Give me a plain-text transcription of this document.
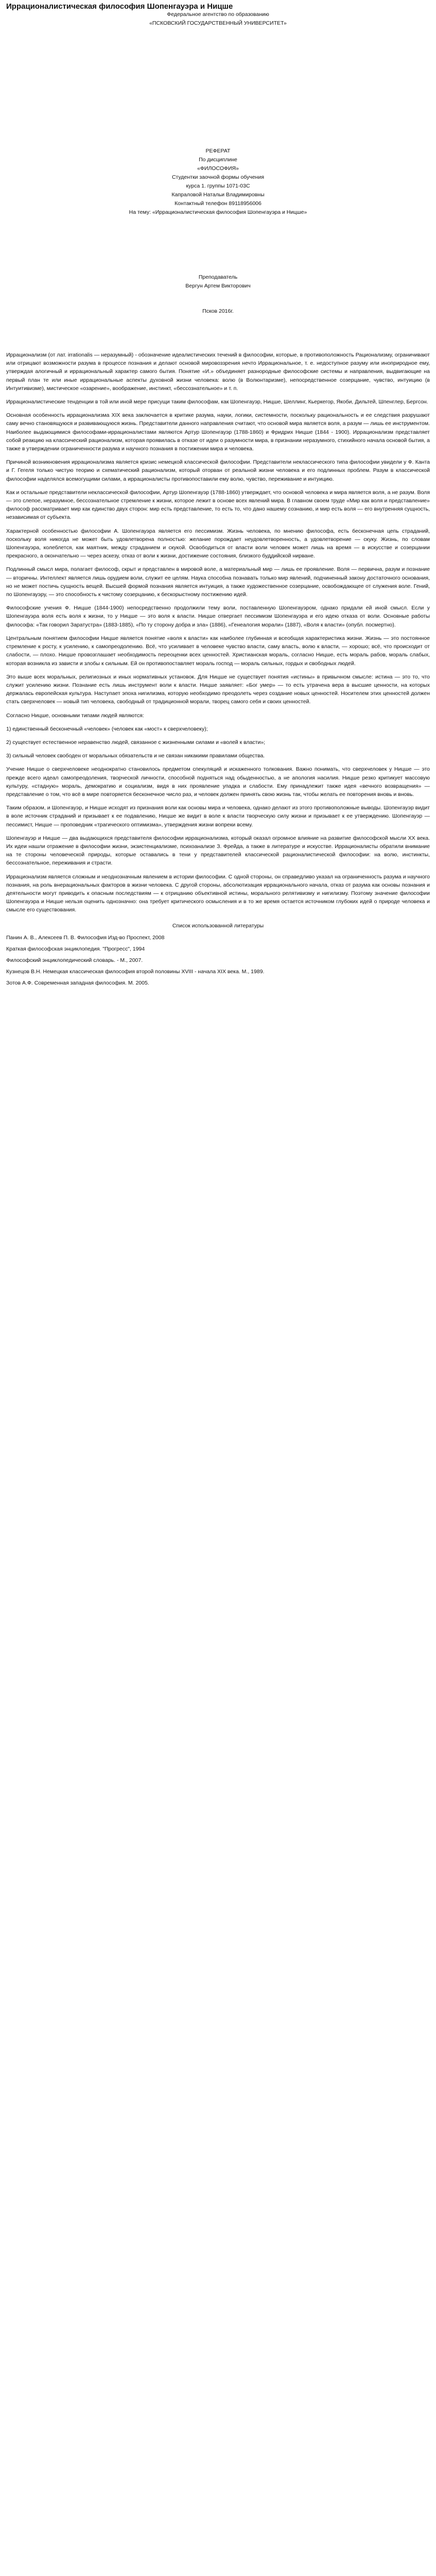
Иррационалистическая философия Шопенгауэра и Ницше
Федеральное агентство по образованию
«ПСКОВСКИЙ ГОСУДАРСТВЕННЫЙ УНИВЕРСИТЕТ»
РЕФЕРАТ
По дисциплине
«ФИЛОСОФИЯ»
Студентки заочной формы обучения
курса 1. группы 1071-03С
Капраловой Натальи Владимировны
Контактный телефон 89118956006
На тему: «Иррационалистическая философия Шопенгауэра и Ницше»
Преподаватель
Вергун Артем Викторович

Псков 2016г.

Иррационализм (от лат. irrationalis — неразумный) - обозначение идеалистических течений в философии, которые, в противоположность Рационализму, ограничивают или отрицают возможности разума в процессе познания и делают основой мировоззрения нечто Иррациональное, т. е. недоступное разуму или иноприродное ему, утверждая алогичный и иррациональный характер самого бытия. Понятие «И.» объединяет разнородные философские системы и направления, выдвигающие на первый план те или иные иррациональные аспекты духовной жизни человека: волю (в Волюнтаризме), непосредственное созерцание, чувство, интуицию (в Интуитивизме), мистическое «озарение», воображение, инстинкт, «бессознательное» и т. п.

Иррационалистические тенденции в той или иной мере присущи таким философам, как Шопенгауэр, Ницше, Шеллинг, Кьеркегор, Якоби, Дильтей, Шпенглер, Бергсон.

Основная особенность иррационализма XIX века заключается в критике разума, науки, логики, системности, поскольку рациональность и ее следствия разрушают саму вечно становящуюся и развивающуюся жизнь. Представители данного направления считают, что основой мира является воля, а разум — лишь ее инструментом. Наиболее выдающимися философами-иррационалистами являются Артур Шопенгауэр (1788-1860) и Фридрих Ницше (1844 - 1900). Иррационализм представляет собой реакцию на классический рационализм, которая проявилась в отказе от идеи о разумности мира, в признании неразумного, стихийного начала основой бытия, а также в утверждении ограниченности разума и научного познания в постижении мира и человека.

Причиной возникновения иррационализма является кризис немецкой классической философии. Представители неклассического типа философии увидели у Ф. Канта и Г. Гегеля только чистую теорию и схематический рационализм, который оторван от реальной жизни человека и его подлинных проблем. Разум в классической философии наделялся всемогущими силами, а иррационалисты противопоставили ему волю, чувство, переживание и интуицию.

Как и остальные представители неклассической философии, Артур Шопенгауэр (1788-1860) утверждает, что основой человека и мира является воля, а не разум. Воля — это слепое, неразумное, бессознательное стремление к жизни, которое лежит в основе всех явлений мира. В главном своем труде «Мир как воля и представление» философ рассматривает мир как единство двух сторон: мир есть представление, то есть то, что дано нашему сознанию, и мир есть воля — его внутренняя сущность, независимая от субъекта.

Характерной особенностью философии А. Шопенгауэра является его пессимизм. Жизнь человека, по мнению философа, есть бесконечная цепь страданий, поскольку воля никогда не может быть удовлетворена полностью: желание порождает неудовлетворенность, а удовлетворение — скуку. Жизнь, по словам Шопенгауэра, колеблется, как маятник, между страданием и скукой. Освободиться от власти воли человек может лишь на время — в искусстве и созерцании прекрасного, а окончательно — через аскезу, отказ от воли к жизни, достижение состояния, близкого буддийской нирване.

Подлинный смысл мира, полагает философ, скрыт и представлен в мировой воле, а материальный мир — лишь ее проявление. Воля — первична, разум и познание — вторичны. Интеллект является лишь орудием воли, служит ее целям. Наука способна познавать только мир явлений, подчиненный закону достаточного основания, но не может постичь сущность вещей. Высшей формой познания является интуиция, а также художественное созерцание, освобождающее от служения воле. Гений, по Шопенгауэру, — это способность к чистому созерцанию, к бескорыстному постижению идей.

Философские учения Ф. Ницше (1844-1900) непосредственно продолжили тему воли, поставленную Шопенгауэром, однако придали ей иной смысл. Если у Шопенгауэра воля есть воля к жизни, то у Ницше — это воля к власти. Ницше отвергает пессимизм Шопенгауэра и его идею отказа от воли. Основные работы философа: «Так говорил Заратустра» (1883-1885), «По ту сторону добра и зла» (1886), «Генеалогия морали» (1887), «Воля к власти» (опубл. посмертно).

Центральным понятием философии Ницше является понятие «воля к власти» как наиболее глубинная и всеобщая характеристика жизни. Жизнь — это постоянное стремление к росту, к усилению, к самопреодолению. Всё, что усиливает в человеке чувство власти, саму власть, волю к власти, — хорошо; всё, что происходит от слабости, — плохо. Ницше провозглашает необходимость переоценки всех ценностей. Христианская мораль, согласно Ницше, есть мораль рабов, мораль слабых, которая возникла из зависти и злобы к сильным. Ей он противопоставляет мораль господ — мораль сильных, гордых и свободных людей.

Это выше всех моральных, религиозных и иных нормативных установок. Для Ницше не существует понятия «истины» в привычном смысле: истина — это то, что служит усилению жизни. Познание есть лишь инструмент воли к власти. Ницше заявляет: «Бог умер» — то есть утрачена вера в высшие ценности, на которых держалась европейская культура. Наступает эпоха нигилизма, которую необходимо преодолеть через создание новых ценностей. Носителем этих ценностей должен стать сверхчеловек — новый тип человека, свободный от традиционной морали, творец самого себя и своих ценностей.

Согласно Ницше, основными типами людей являются:

1) единственный бесконечный «человек» (человек как «мост» к сверхчеловеку);

2) существует естественное неравенство людей, связанное с жизненными силами и «волей к власти»;

3) сильный человек свободен от моральных обязательств и не связан никакими правилами общества.

Учение Ницше о сверхчеловеке неоднократно становилось предметом спекуляций и искаженного толкования. Важно понимать, что сверхчеловек у Ницше — это прежде всего идеал самопреодоления, творческой личности, способной подняться над обыденностью, а не апология насилия. Ницше резко критикует массовую культуру, «стадную» мораль, демократию и социализм, видя в них проявление упадка и слабости. Ему принадлежит также идея «вечного возвращения» — представление о том, что всё в мире повторяется бесконечное число раз, и человек должен принять свою жизнь так, чтобы желать ее повторения вновь и вновь.

Таким образом, и Шопенгауэр, и Ницше исходят из признания воли как основы мира и человека, однако делают из этого противоположные выводы. Шопенгауэр видит в воле источник страданий и призывает к ее подавлению, Ницше же видит в воле к власти творческую силу жизни и призывает к ее утверждению. Шопенгауэр — пессимист, Ницше — проповедник «трагического оптимизма», утверждения жизни вопреки всему.

Шопенгауэр и Ницше — два выдающихся представителя философии иррационализма, который оказал огромное влияние на развитие философской мысли XX века. Их идеи нашли отражение в философии жизни, экзистенциализме, психоанализе З. Фрейда, а также в литературе и искусстве. Иррационалисты обратили внимание на те стороны человеческой природы, которые оставались в тени у представителей классической рационалистической философии: на волю, инстинкты, бессознательное, переживания и страсти.

Иррационализм является сложным и неоднозначным явлением в истории философии. С одной стороны, он справедливо указал на ограниченность разума и научного познания, на роль внерациональных факторов в жизни человека. С другой стороны, абсолютизация иррационального начала, отказ от разума как основы познания и деятельности могут приводить к опасным последствиям — к отрицанию объективной истины, морального релятивизму и нигилизму. Поэтому значение философии Шопенгауэра и Ницше нельзя оценить однозначно: она требует критического осмысления и в то же время остается источником глубоких идей о природе человека и смысле его существования.

Список использованной литературы

Панин А. В., Алексеев П. В. Философия Изд-во Проспект, 2008

Краткая философская энциклопедия. "Прогресс", 1994

Философский энциклопедический словарь. - М., 2007.

Кузнецов В.Н. Немецкая классическая философия второй половины XVIII - начала XIX века. М., 1989.

Зотов А.Ф. Современная западная философия. М. 2005.
